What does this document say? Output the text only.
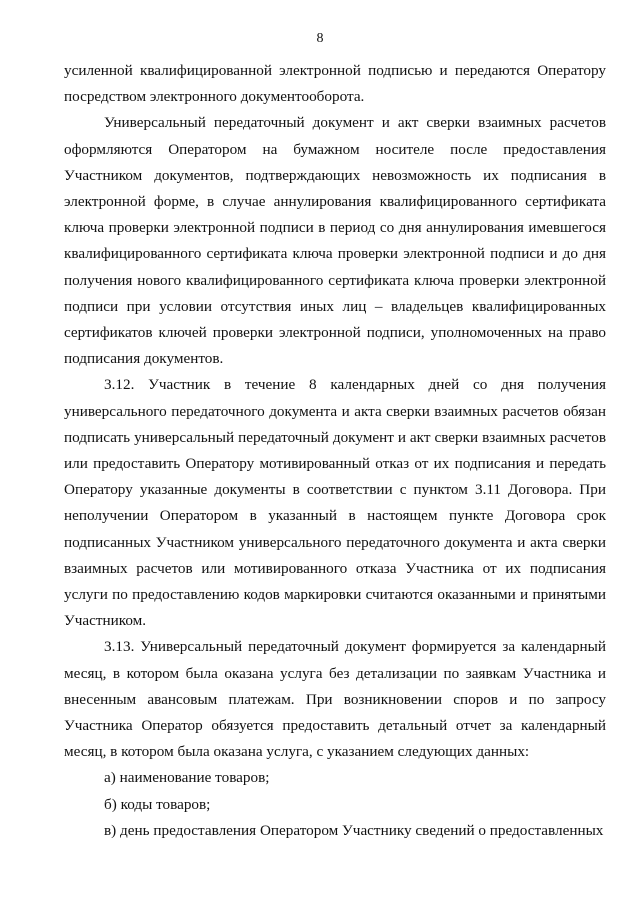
8

усиленной квалифицированной электронной подписью и передаются Оператору посредством электронного документооборота.

Универсальный передаточный документ и акт сверки взаимных расчетов оформляются Оператором на бумажном носителе после предоставления Участником документов, подтверждающих невозможность их подписания в электронной форме, в случае аннулирования квалифицированного сертификата ключа проверки электронной подписи в период со дня аннулирования имевшегося квалифицированного сертификата ключа проверки электронной подписи и до дня получения нового квалифицированного сертификата ключа проверки электронной подписи при условии отсутствия иных лиц – владельцев квалифицированных сертификатов ключей проверки электронной подписи, уполномоченных на право подписания документов.

3.12. Участник в течение 8 календарных дней со дня получения универсального передаточного документа и акта сверки взаимных расчетов обязан подписать универсальный передаточный документ и акт сверки взаимных расчетов или предоставить Оператору мотивированный отказ от их подписания и передать Оператору указанные документы в соответствии с пунктом 3.11 Договора. При неполучении Оператором в указанный в настоящем пункте Договора срок подписанных Участником универсального передаточного документа и акта сверки взаимных расчетов или мотивированного отказа Участника от их подписания услуги по предоставлению кодов маркировки считаются оказанными и принятыми Участником.

3.13. Универсальный передаточный документ формируется за календарный месяц, в котором была оказана услуга без детализации по заявкам Участника и внесенным авансовым платежам. При возникновении споров и по запросу Участника Оператор обязуется предоставить детальный отчет за календарный месяц, в котором была оказана услуга, с указанием следующих данных:

а) наименование товаров;

б) коды товаров;

в) день предоставления Оператором Участнику сведений о предоставленных
